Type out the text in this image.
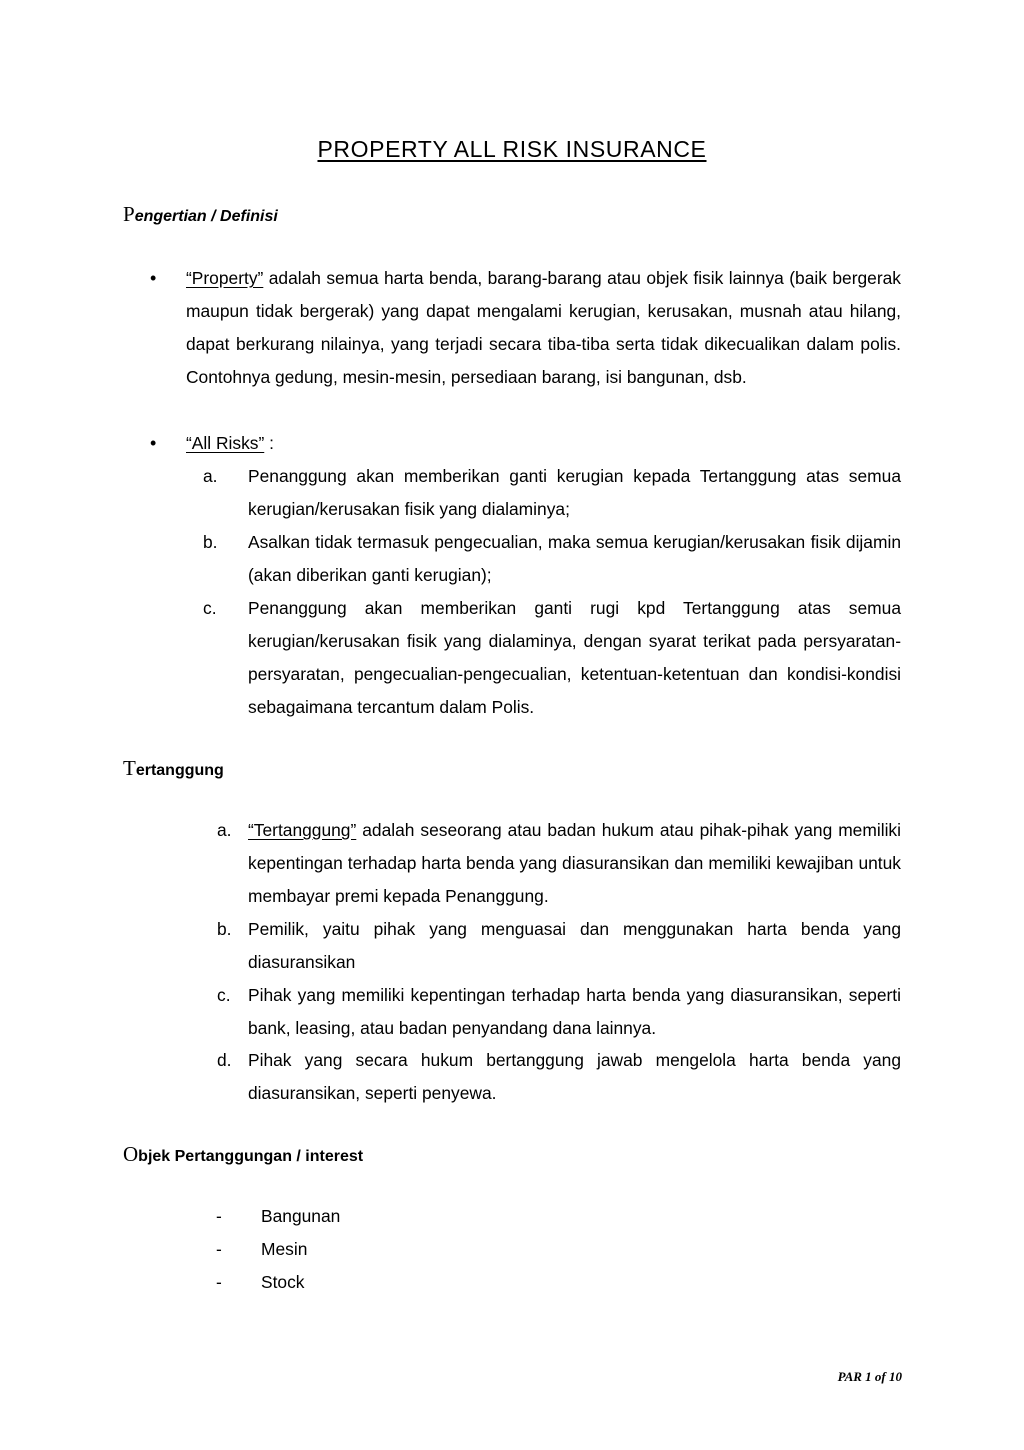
PROPERTY ALL RISK INSURANCE
Pengertian / Definisi
• “Property” adalah semua harta benda, barang-barang atau objek fisik lainnya (baik bergerak maupun tidak bergerak) yang dapat mengalami kerugian, kerusakan, musnah atau hilang, dapat berkurang nilainya, yang terjadi secara tiba-tiba serta tidak dikecualikan dalam polis. Contohnya gedung, mesin-mesin, persediaan barang, isi bangunan, dsb.
• “All Risks” :
a. Penanggung akan memberikan ganti kerugian kepada Tertanggung atas semua kerugian/kerusakan fisik yang dialaminya;
b. Asalkan tidak termasuk pengecualian, maka semua kerugian/kerusakan fisik dijamin (akan diberikan ganti kerugian);
c. Penanggung akan memberikan ganti rugi kpd Tertanggung atas semua kerugian/kerusakan fisik yang dialaminya, dengan syarat terikat pada persyaratan-persyaratan, pengecualian-pengecualian, ketentuan-ketentuan dan kondisi-kondisi sebagaimana tercantum dalam Polis.
Tertanggung
a. “Tertanggung” adalah seseorang atau badan hukum atau pihak-pihak yang memiliki kepentingan terhadap harta benda yang diasuransikan dan memiliki kewajiban untuk membayar premi kepada Penanggung.
b. Pemilik, yaitu pihak yang menguasai dan menggunakan harta benda yang diasuransikan
c. Pihak yang memiliki kepentingan terhadap harta benda yang diasuransikan, seperti bank, leasing, atau badan penyandang dana lainnya.
d. Pihak yang secara hukum bertanggung jawab mengelola harta benda yang diasuransikan, seperti penyewa.
Objek Pertanggungan / interest
- Bangunan
- Mesin
- Stock
PAR 1 of 10
